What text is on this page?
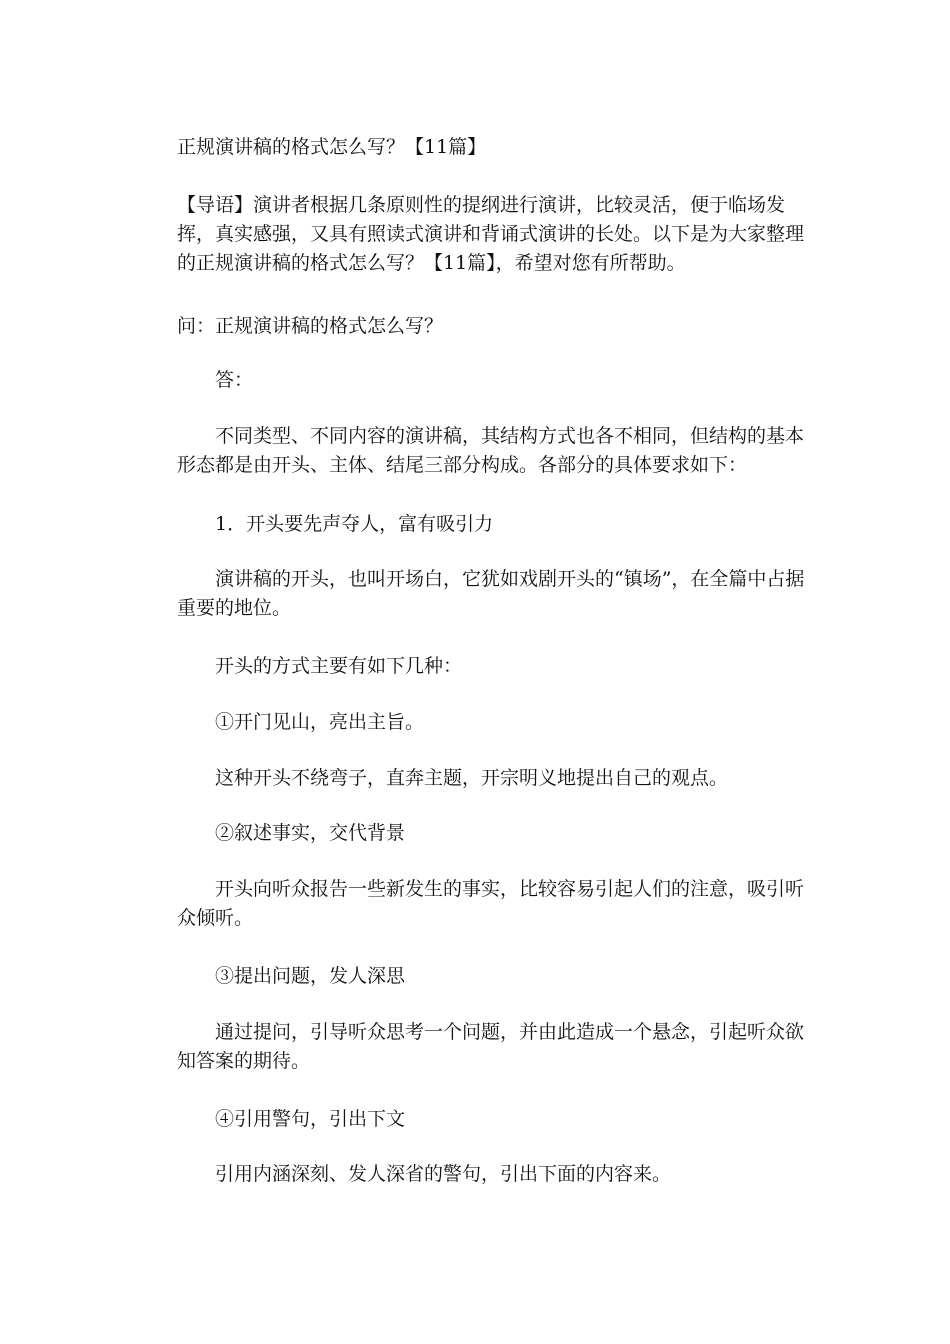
正规演讲稿的格式怎么写？【11篇】

【导语】演讲者根据几条原则性的提纲进行演讲，比较灵活，便于临场发挥，真实感强，又具有照读式演讲和背诵式演讲的长处。以下是为大家整理的正规演讲稿的格式怎么写？【11篇】，希望对您有所帮助。

问：正规演讲稿的格式怎么写？

答：

不同类型、不同内容的演讲稿，其结构方式也各不相同，但结构的基本形态都是由开头、主体、结尾三部分构成。各部分的具体要求如下：

1．开头要先声夺人，富有吸引力

演讲稿的开头，也叫开场白，它犹如戏剧开头的“镇场”，在全篇中占据重要的地位。

开头的方式主要有如下几种：

①开门见山，亮出主旨。

这种开头不绕弯子，直奔主题，开宗明义地提出自己的观点。

②叙述事实，交代背景

开头向听众报告一些新发生的事实，比较容易引起人们的注意，吸引听众倾听。

③提出问题，发人深思

通过提问，引导听众思考一个问题，并由此造成一个悬念，引起听众欲知答案的期待。

④引用警句，引出下文

引用内涵深刻、发人深省的警句，引出下面的内容来。
